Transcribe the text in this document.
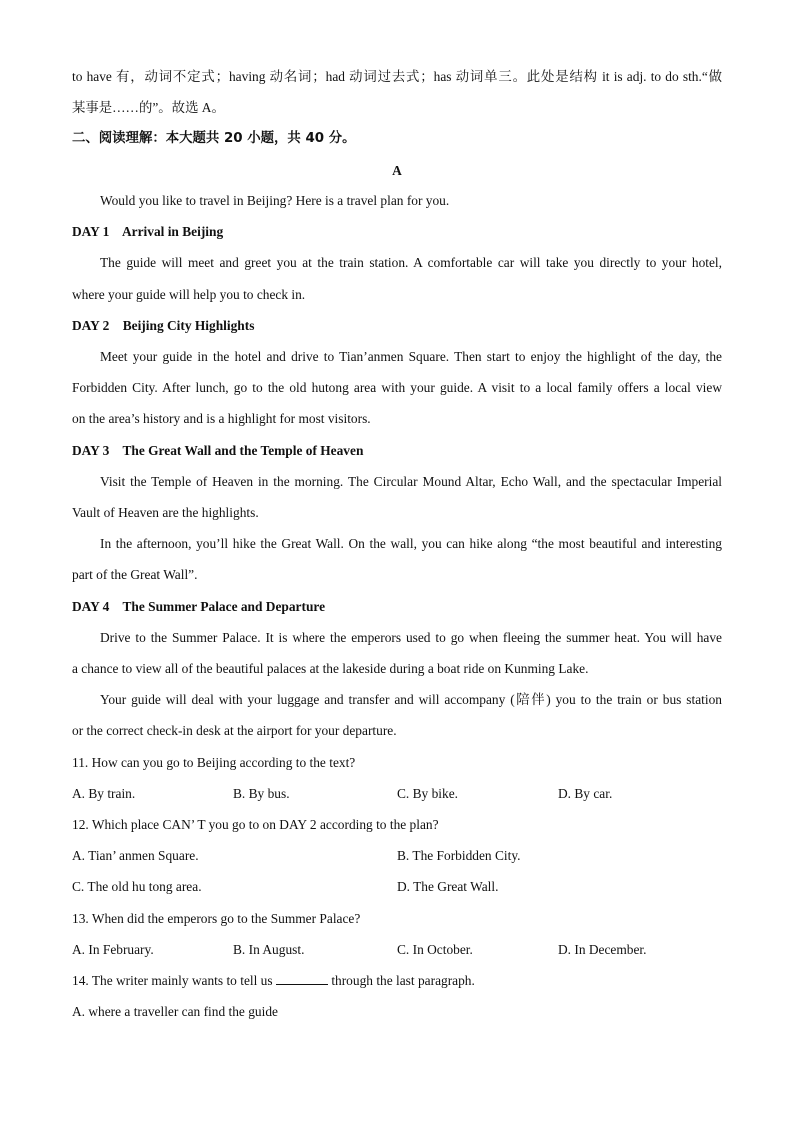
to have 有，动词不定式；having 动名词；had 动词过去式；has 动词单三。此处是结构 it is adj. to do sth.“做
某事是……的”。故选 A。
二、阅读理解：本大题共 20 小题，共 40 分。
A
Would you like to travel in Beijing? Here is a travel plan for you.
DAY 1    Arrival in Beijing
The guide will meet and greet you at the train station. A comfortable car will take you directly to your hotel,
where your guide will help you to check in.
DAY 2    Beijing City Highlights
Meet your guide in the hotel and drive to Tian’anmen Square. Then start to enjoy the highlight of the day, the
Forbidden City. After lunch, go to the old hutong area with your guide. A visit to a local family offers a local view
on the area’s history and is a highlight for most visitors.
DAY 3    The Great Wall and the Temple of Heaven
Visit the Temple of Heaven in the morning. The Circular Mound Altar, Echo Wall, and the spectacular Imperial
Vault of Heaven are the highlights.
In the afternoon, you’ll hike the Great Wall. On the wall, you can hike along “the most beautiful and interesting
part of the Great Wall”.
DAY 4    The Summer Palace and Departure
Drive to the Summer Palace. It is where the emperors used to go when fleeing the summer heat. You will have
a chance to view all of the beautiful palaces at the lakeside during a boat ride on Kunming Lake.
Your guide will deal with your luggage and transfer and will accompany (陪伴) you to the train or bus station
or the correct check-in desk at the airport for your departure.
11. How can you go to Beijing according to the text?
A. By train.	B. By bus.	C. By bike.	D. By car.
12. Which place CAN’ T you go to on DAY 2 according to the plan?
A. Tian’ anmen Square.	B. The Forbidden City.
C. The old hu tong area.	D. The Great Wall.
13. When did the emperors go to the Summer Palace?
A. In February.	B. In August.	C. In October.	D. In December.
14. The writer mainly wants to tell us	through the last paragraph.
A. where a traveller can find the guide
